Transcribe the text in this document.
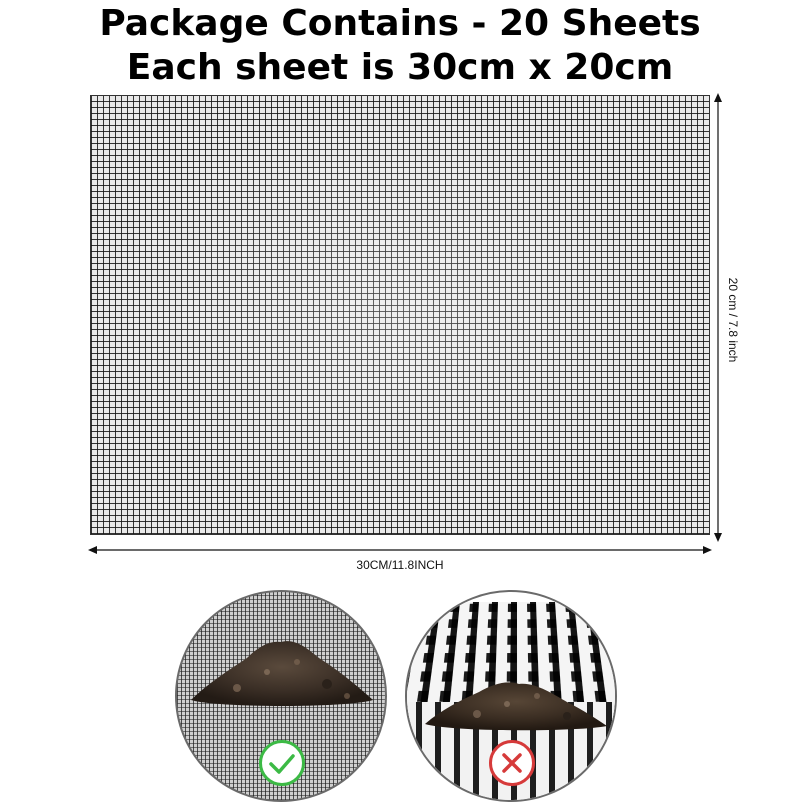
Package Contains - 20 Sheets
Each sheet is 30cm x 20cm
30CM/11.8INCH
20 cm / 7.8 inch
